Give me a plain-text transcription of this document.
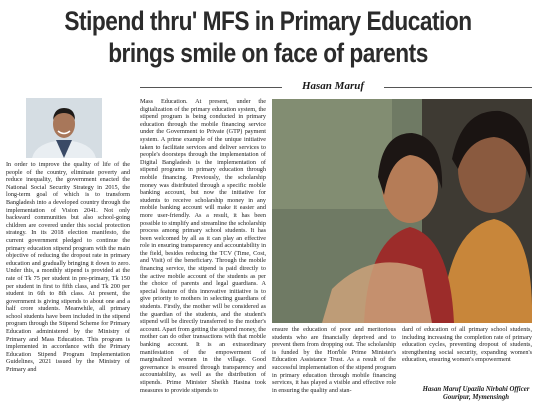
Stipend thru' MFS in Primary Education
brings smile on face of parents
Hasan Maruf
In order to improve the quality of life of the people of the country, eliminate poverty and reduce inequality, the government enacted the National Social Security Strategy in 2015, the long-term goal of which is to transform Bangladesh into a developed country through the implementation of Vision 2041. Not only backward communities but also school-going children are covered under this social protection strategy. In its 2018 election manifesto, the current government pledged to continue the primary education stipend program with the main objective of reducing the dropout rate in primary education and gradually bringing it down to zero. Under this, a monthly stipend is provided at the rate of Tk 75 per student in pre-primary, Tk 150 per student in first to fifth class, and Tk 200 per student in 6th to 8th class. At present, the government is giving stipends to about one and a half crore students. Meanwhile, all primary school students have been included in the stipend program through the Stipend Scheme for Primary Education administered by the Ministry of Primary and Mass Education. This program is implemented in accordance with the Primary Education Stipend Program Implementation Guidelines, 2021 issued by the Ministry of Primary and
Mass Education. At present, under the digitalization of the primary education system, the stipend program is being conducted in primary education through the mobile financing service under the Government to Private (GTP) payment system. A prime example of the unique initiative taken to facilitate services and deliver services to people's doorsteps through the implementation of Digital Bangladesh is the implementation of stipend programs in primary education through mobile financing. Previously, the scholarship money was distributed through a specific mobile banking account, but now the initiative for students to receive scholarship money in any mobile banking account will make it easier and more user-friendly. As a result, it has been possible to simplify and streamline the scholarship process among primary school students. It has been welcomed by all as it can play an effective role in ensuring transparency and accountability in the field, besides reducing the TCV (Time, Cost, and Visit) of the beneficiary. Through the mobile financing service, the stipend is paid directly to the active mobile account of the students as per the choice of parents and legal guardians. A special feature of this innovative initiative is to give priority to mothers in selecting guardians of students. Firstly, the mother will be considered as the guardian of the students, and the student's stipend will be directly transferred to the mother's account. Apart from getting the stipend money, the mother can do other transactions with that mobile banking account. It is an extraordinary manifestation of the empowerment of marginalized women in the village. Good governance is ensured through transparency and accountability, as well as the distribution of stipends. Prime Minister Sheikh Hasina took measures to provide stipends to
ensure the education of poor and meritorious students who are financially deprived and to prevent them from dropping out. The scholarship is funded by the Hon'ble Prime Minister's Education Assistance Trust. As a result of the successful implementation of the stipend program in primary education through mobile financing services, it has played a visible and effective role in ensuring the quality and stan-
dard of education of all primary school students, including increasing the completion rate of primary education cycles, preventing dropout of students, strengthening social security, expanding women's education, ensuring women's empowerment
Hasan Maruf Upazila Nirbahi Officer
Gouripur, Mymensingh
